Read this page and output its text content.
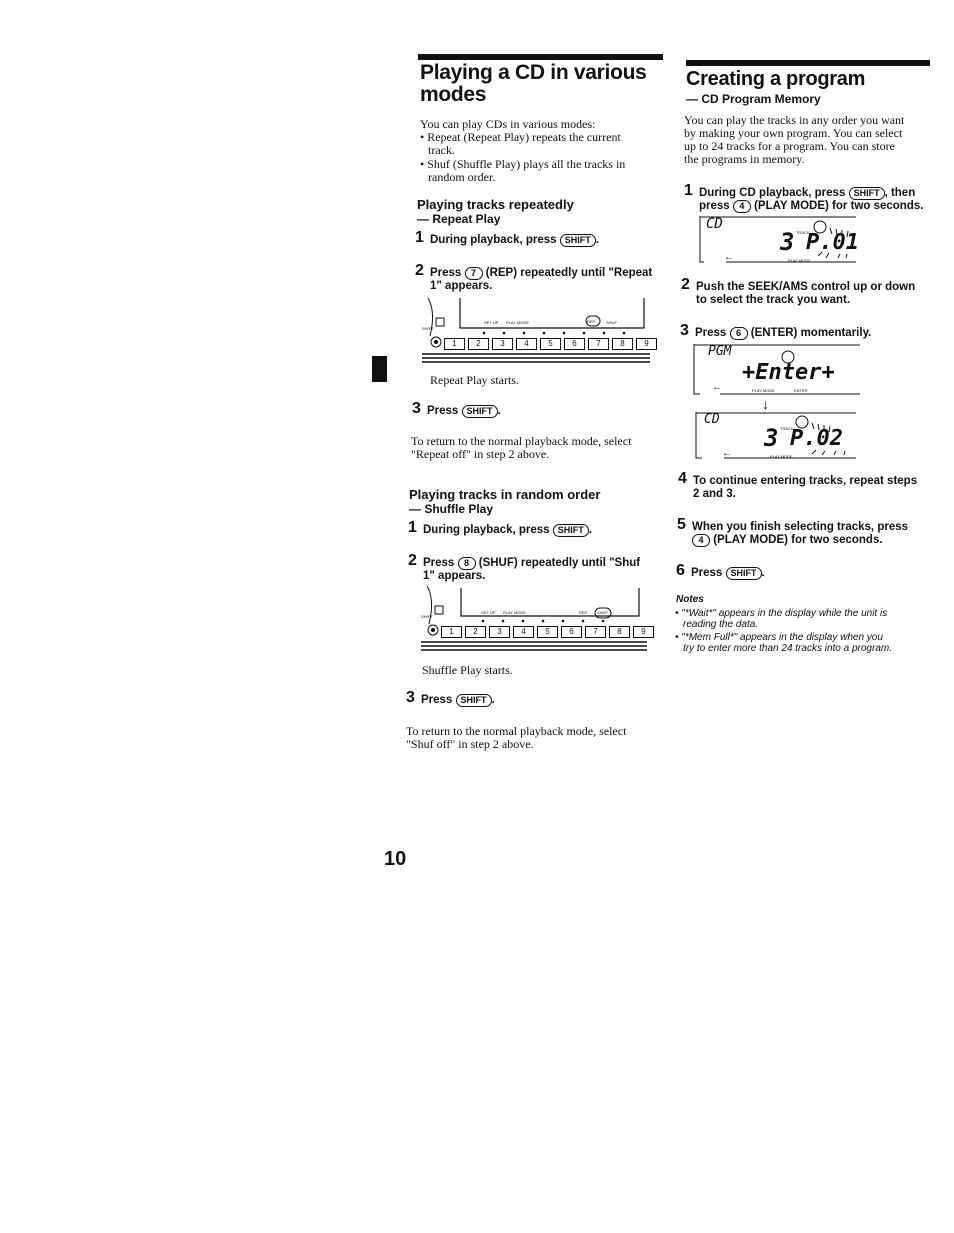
Playing a CD in various
modes
You can play CDs in various modes:
• Repeat (Repeat Play) repeats the current
track.
• Shuf (Shuffle Play) plays all the tracks in
random order.
Playing tracks repeatedly
— Repeat Play
1 During playback, press SHIFT .
2 Press 7 (REP) repeatedly until "Repeat
1" appears.
SHIFT
SET UP PLAY MODE	REP	SHUF
1	2	3	4	5	6	7	8	9
Repeat Play starts.
3 Press SHIFT .
To return to the normal playback mode, select
"Repeat off" in step 2 above.
Playing tracks in random order
— Shuffle Play
1 During playback, press SHIFT .
2 Press 8 (SHUF) repeatedly until "Shuf
1" appears.
SHIFT
SET UP PLAY MODE	REP SHUF
1	2	3	4	5	6	7	8	9
Shuffle Play starts.
3 Press SHIFT .
To return to the normal playback mode, select
"Shuf off" in step 2 above.
Creating a program
— CD Program Memory
You can play the tracks in any order you want
by making your own program. You can select
up to 24 tracks for a program. You can store
the programs in memory.
1 During CD playback, press SHIFT , then
press 4 (PLAY MODE) for two seconds.
CD
TRACK
3 P.01
PLAY MODE
←
2 Push the SEEK/AMS control up or down
to select the track you want.
3 Press 6 (ENTER) momentarily.
PGM
+Enter+
PLAY MODE	ENTER
←
↓
CD
TRACK
3 P.02
PLAY MODE
←
4 To continue entering tracks, repeat steps
2 and 3.
5 When you finish selecting tracks, press
4 (PLAY MODE) for two seconds.
6 Press SHIFT .
Notes
• "*Wait*" appears in the display while the unit is
reading the data.
• "*Mem Full*" appears in the display when you
try to enter more than 24 tracks into a program.
10
